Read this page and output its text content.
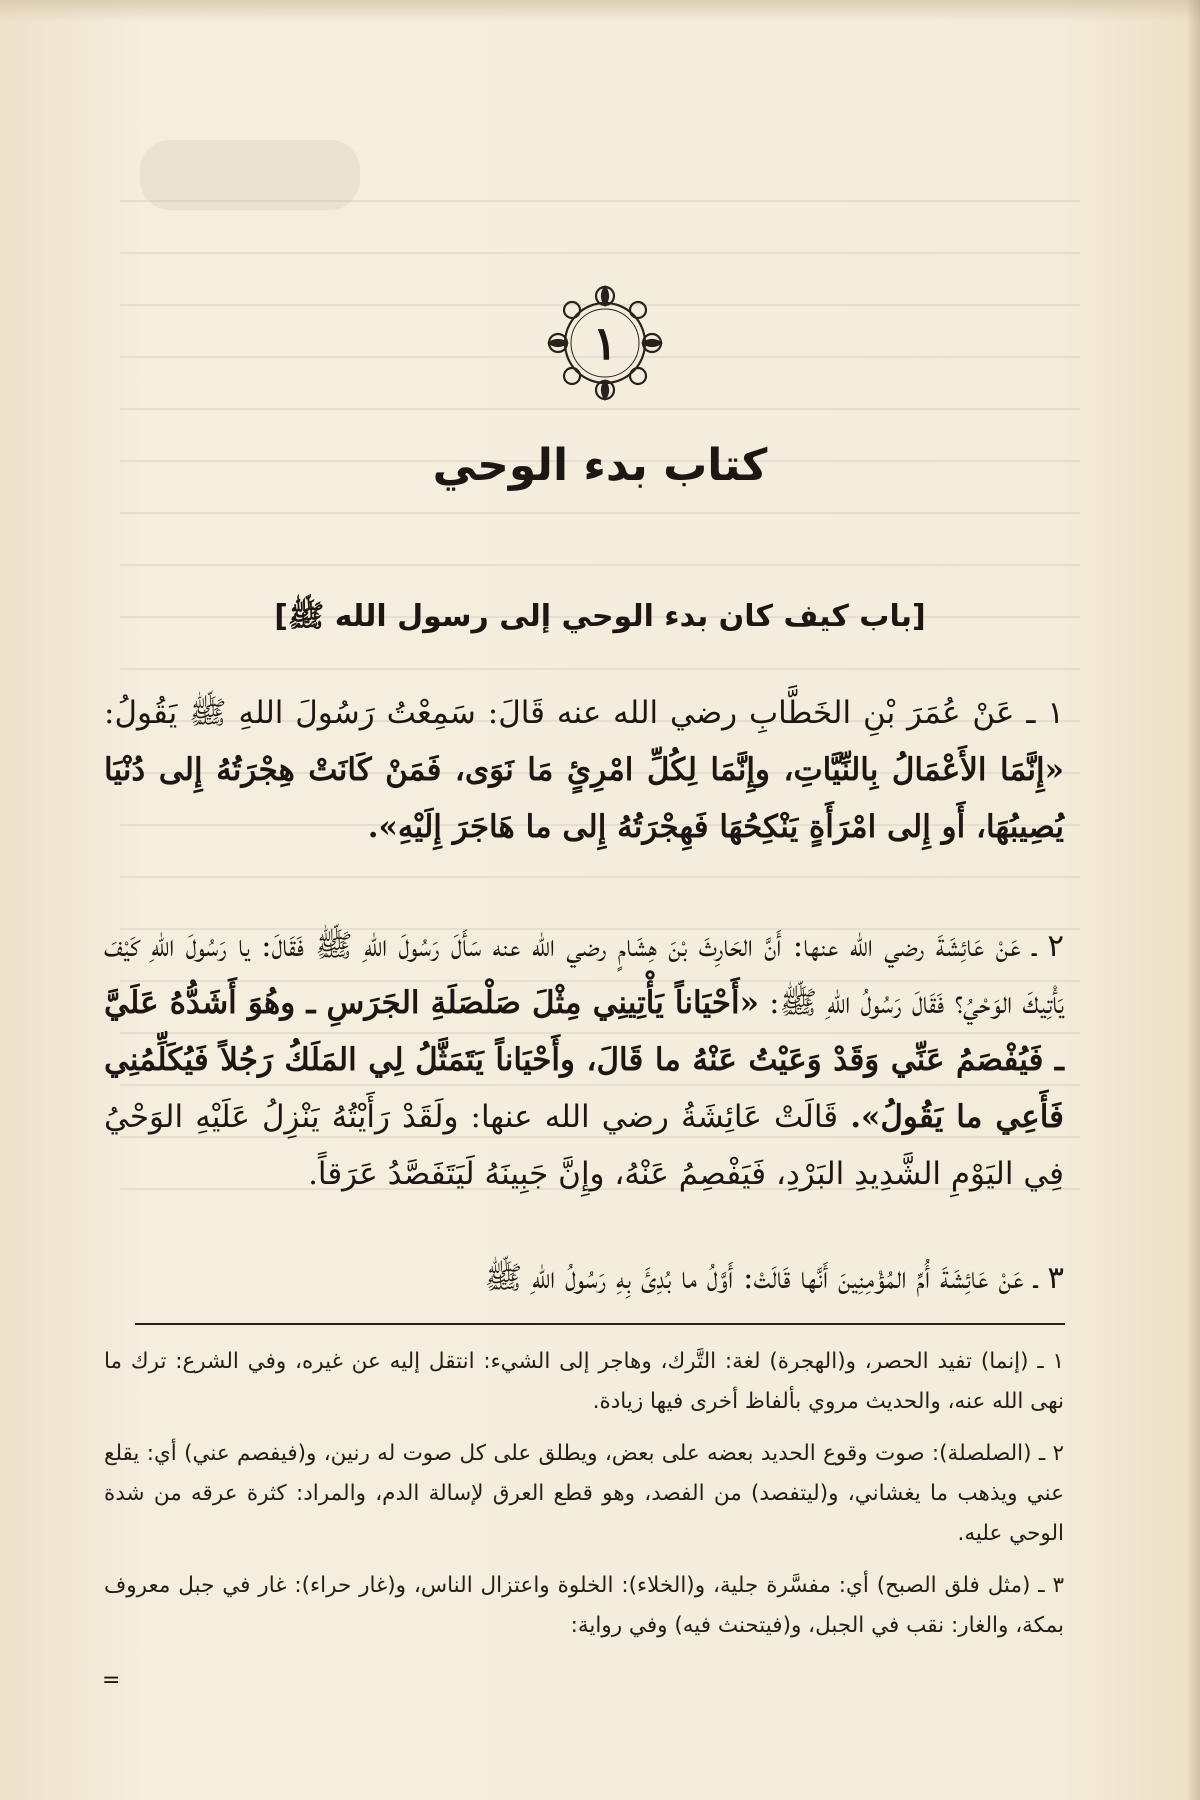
١
كتاب بدء الوحي
[باب كيف كان بدء الوحي إلى رسول الله ﷺ]
١ ـ عَنْ عُمَرَ بْنِ الخَطَّابِ رضي الله عنه قَالَ: سَمِعْتُ رَسُولَ اللهِ ﷺ يَقُولُ: «إِنَّمَا الأَعْمَالُ بِالنِّيَّاتِ، وإِنَّمَا لِكُلِّ امْرِئٍ مَا نَوَى، فَمَنْ كَانَتْ هِجْرَتُهُ إِلى دُنْيَا يُصِيبُهَا، أَو إِلى امْرَأَةٍ يَنْكِحُهَا فَهِجْرَتُهُ إِلى ما هَاجَرَ إِلَيْهِ».
٢ ـ عَنْ عَائِشَةَ رضي الله عنها: أَنَّ الحَارِثَ بْنَ هِشَامٍ رضي الله عنه سَأَلَ رَسُولَ اللهِ ﷺ فَقَالَ: يا رَسُولَ اللهِ كَيْفَ يَأْتِيكَ الوَحْيُ؟ فَقَالَ رَسُولُ اللهِ ﷺ: «أَحْيَاناً يَأْتِينِي مِثْلَ صَلْصَلَةِ الجَرَسِ ـ وهُوَ أَشَدُّهُ عَلَيَّ ـ فَيُفْصَمُ عَنِّي وَقَدْ وَعَيْتُ عَنْهُ ما قَالَ، وأَحْيَاناً يَتَمَثَّلُ لِي المَلَكُ رَجُلاً فَيُكَلِّمُنِي فَأَعِي ما يَقُولُ». قَالَتْ عَائِشَةُ رضي الله عنها: ولَقَدْ رَأَيْتُهُ يَنْزِلُ عَلَيْهِ الوَحْيُ فِي اليَوْمِ الشَّدِيدِ البَرْدِ، فَيَفْصِمُ عَنْهُ، وإِنَّ جَبِينَهُ لَيَتَفَصَّدُ عَرَقاً.
٣ ـ عَنْ عَائِشَةَ أُمِّ المُؤْمِنِينَ أَنَّها قَالَتْ: أَوَّلُ ما بُدِئَ بِهِ رَسُولُ اللهِ ﷺ

١ ـ (إنما) تفيد الحصر، و(الهجرة) لغة: التَّرك، وهاجر إلى الشيء: انتقل إليه عن غيره، وفي الشرع: ترك ما نهى الله عنه، والحديث مروي بألفاظ أخرى فيها زيادة.

٢ ـ (الصلصلة): صوت وقوع الحديد بعضه على بعض، ويطلق على كل صوت له رنين، و(فيفصم عني) أي: يقلع عني ويذهب ما يغشاني، و(ليتفصد) من الفصد، وهو قطع العرق لإسالة الدم، والمراد: كثرة عرقه من شدة الوحي عليه.

٣ ـ (مثل فلق الصبح) أي: مفسَّرة جلية، و(الخلاء): الخلوة واعتزال الناس، و(غار حراء): غار في جبل معروف بمكة، والغار: نقب في الجبل، و(فيتحنث فيه) وفي رواية:

=
